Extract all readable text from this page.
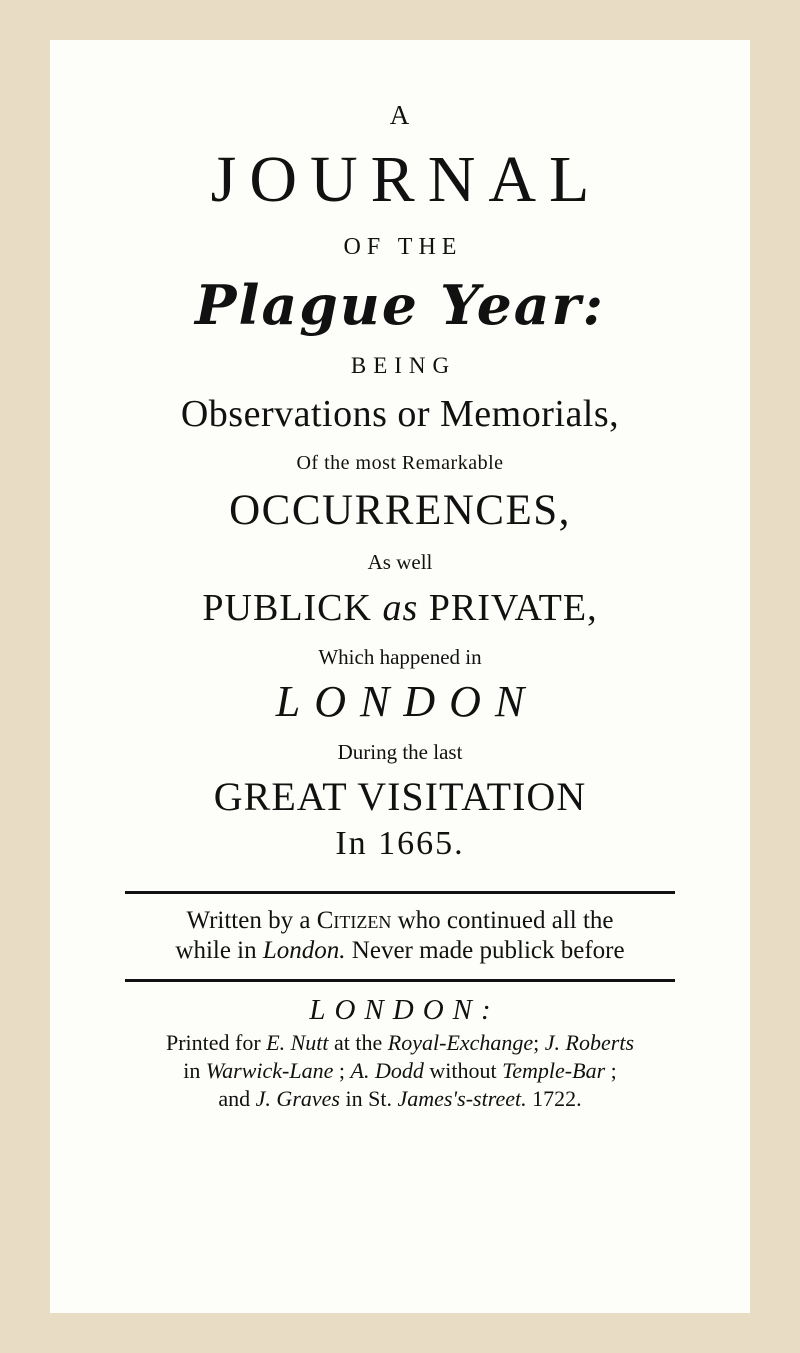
A
JOURNAL
OF THE
Plague Year:
BEING
Observations or Memorials,
Of the most Remarkable
OCCURRENCES,
As well
PUBLICK as PRIVATE,
Which happened in
LONDON
During the last
GREAT VISITATION
In 1665.
Written by a Citizen who continued all the
while in London. Never made publick before
LONDON:
Printed for E. Nutt at the Royal-Exchange; J. Roberts
in Warwick-Lane ; A. Dodd without Temple-Bar ;
and J. Graves in St. James's-street. 1722.
